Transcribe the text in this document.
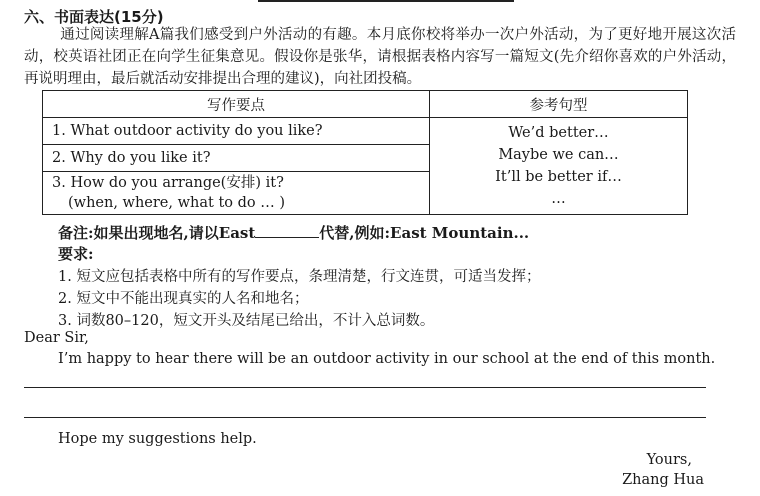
六、书面表达(15分)
通过阅读理解A篇我们感受到户外活动的有趣。本月底你校将举办一次户外活动，为了更好地开展这次活动，校英语社团正在向学生征集意见。假设你是张华，请根据表格内容写一篇短文(先介绍你喜欢的户外活动，再说明理由，最后就活动安排提出合理的建议)，向社团投稿。
写作要点	参考句型
1. What outdoor activity do you like?	We’d better…
Maybe we can…
It’ll be better if…
…

2. Why do you like it?	

3. How do you arrange(安排) it?
(when, where, what to do … )	
备注:如果出现地名,请以East	代替,例如:East Mountain...
要求:
1. 短文应包括表格中所有的写作要点，条理清楚，行文连贯，可适当发挥；
2. 短文中不能出现真实的人名和地名；
3. 词数80–120，短文开头及结尾已给出，不计入总词数。
Dear Sir,
I’m happy to hear there will be an outdoor activity in our school at the end of this month.
Hope my suggestions help.
Yours,
Zhang Hua
